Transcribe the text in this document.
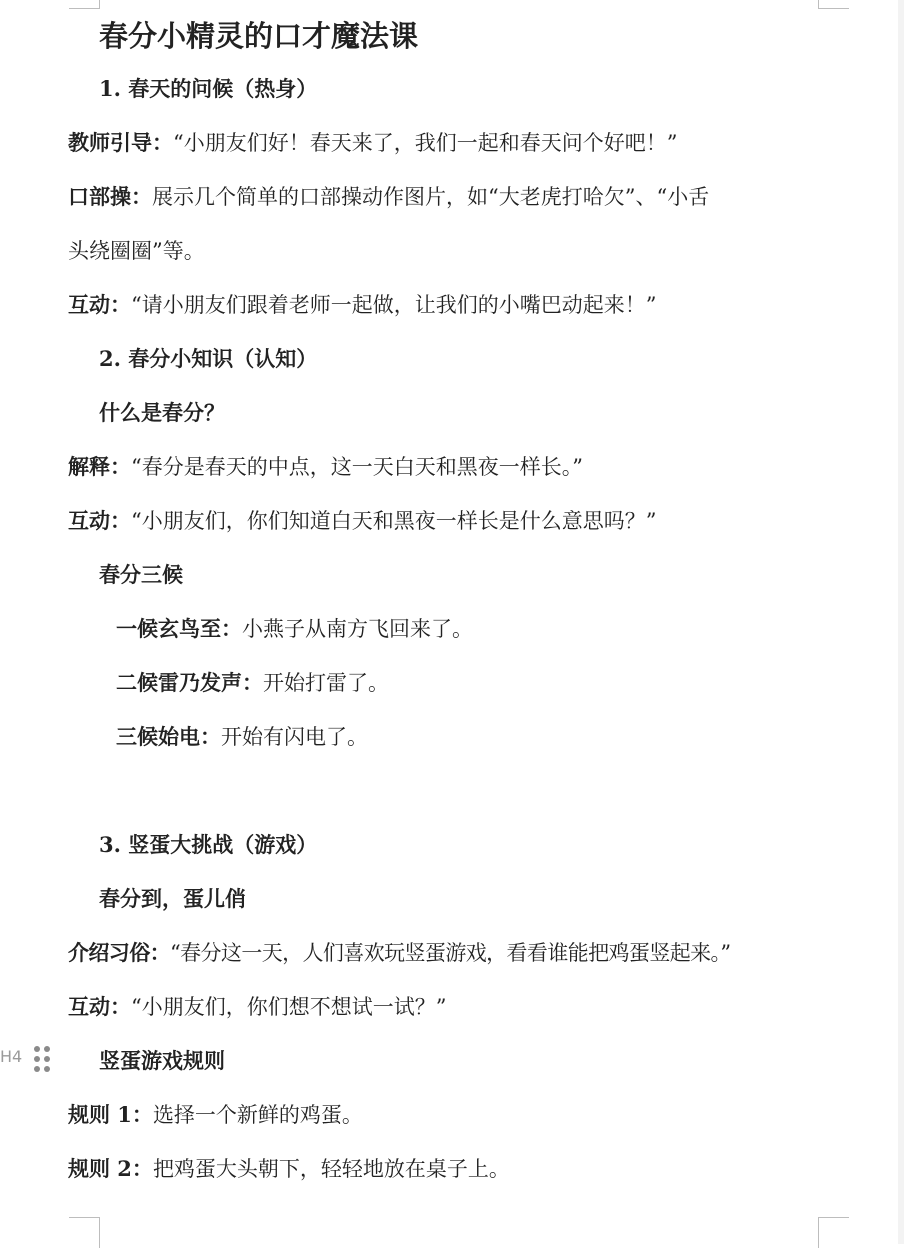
春分小精灵的口才魔法课
1. 春天的问候（热身）
教师引导：“小朋友们好！春天来了，我们一起和春天问个好吧！”
口部操：展示几个简单的口部操动作图片，如“大老虎打哈欠”、“小舌
头绕圈圈”等。
互动：“请小朋友们跟着老师一起做，让我们的小嘴巴动起来！”
2. 春分小知识（认知）
什么是春分？
解释：“春分是春天的中点，这一天白天和黑夜一样长。”
互动：“小朋友们，你们知道白天和黑夜一样长是什么意思吗？”
春分三候
一候玄鸟至：小燕子从南方飞回来了。
二候雷乃发声：开始打雷了。
三候始电：开始有闪电了。
3. 竖蛋大挑战（游戏）
春分到，蛋儿俏
介绍习俗：“春分这一天，人们喜欢玩竖蛋游戏，看看谁能把鸡蛋竖起来。”
互动：“小朋友们，你们想不想试一试？”
H4	竖蛋游戏规则
规则 1：选择一个新鲜的鸡蛋。
规则 2：把鸡蛋大头朝下，轻轻地放在桌子上。
